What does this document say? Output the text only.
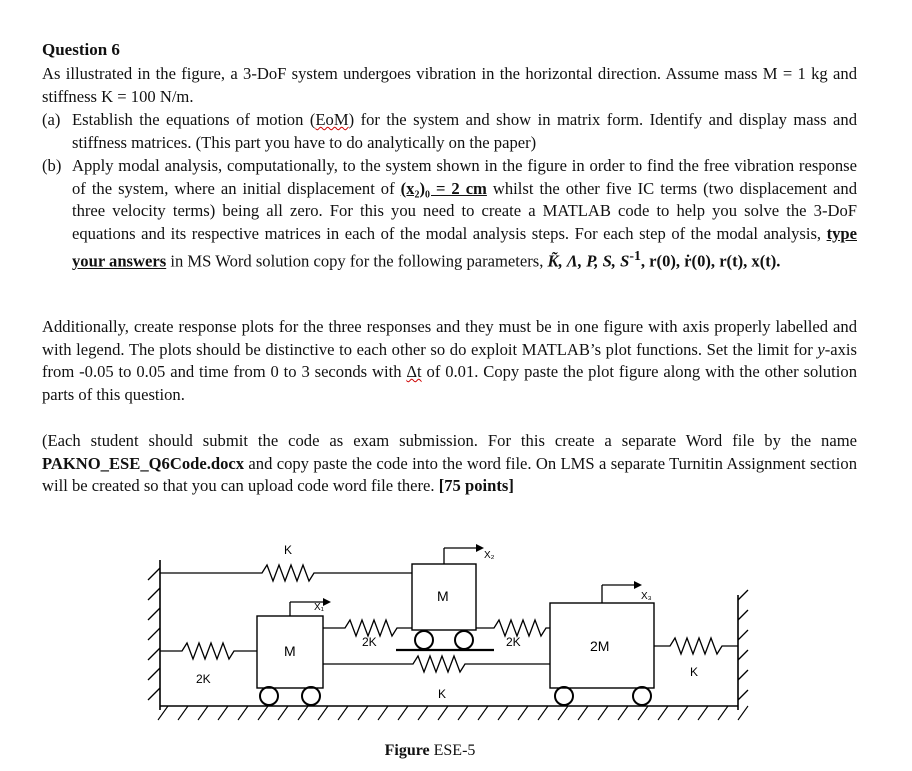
Question 6

As illustrated in the figure, a 3-DoF system undergoes vibration in the horizontal direction. Assume mass M = 1 kg and stiffness K = 100 N/m.

(a) Establish the equations of motion (EoM) for the system and show in matrix form. Identify and display mass and stiffness matrices. (This part you have to do analytically on the paper)
(b) Apply modal analysis, computationally, to the system shown in the figure in order to find the free vibration response of the system, where an initial displacement of (x₂)₀ = 2 cm whilst the other five IC terms (two displacement and three velocity terms) being all zero. For this you need to create a MATLAB code to help you solve the 3-DoF equations and its respective matrices in each of the modal analysis steps. For each step of the modal analysis, type your answers in MS Word solution copy for the following parameters, K̃, Λ, P, S, $S^{-1}$, r(0), ṙ(0), r(t), x(t).

Additionally, create response plots for the three responses and they must be in one figure with axis properly labelled and with legend. The plots should be distinctive to each other so do exploit MATLAB’s plot functions. Set the limit for y-axis from -0.05 to 0.05 and time from 0 to 3 seconds with Δt of 0.01. Copy paste the plot figure along with the other solution parts of this question.

(Each student should submit the code as exam submission. For this create a separate Word file by the name PAKNO_ESE_Q6Code.docx and copy paste the code into the word file. On LMS a separate Turnitin Assignment section will be created so that you can upload code word file there. [75 points]

K
2K
2K	2K
K
K
M
M
2M
X₁
X₂
X₃
Figure ESE-5
